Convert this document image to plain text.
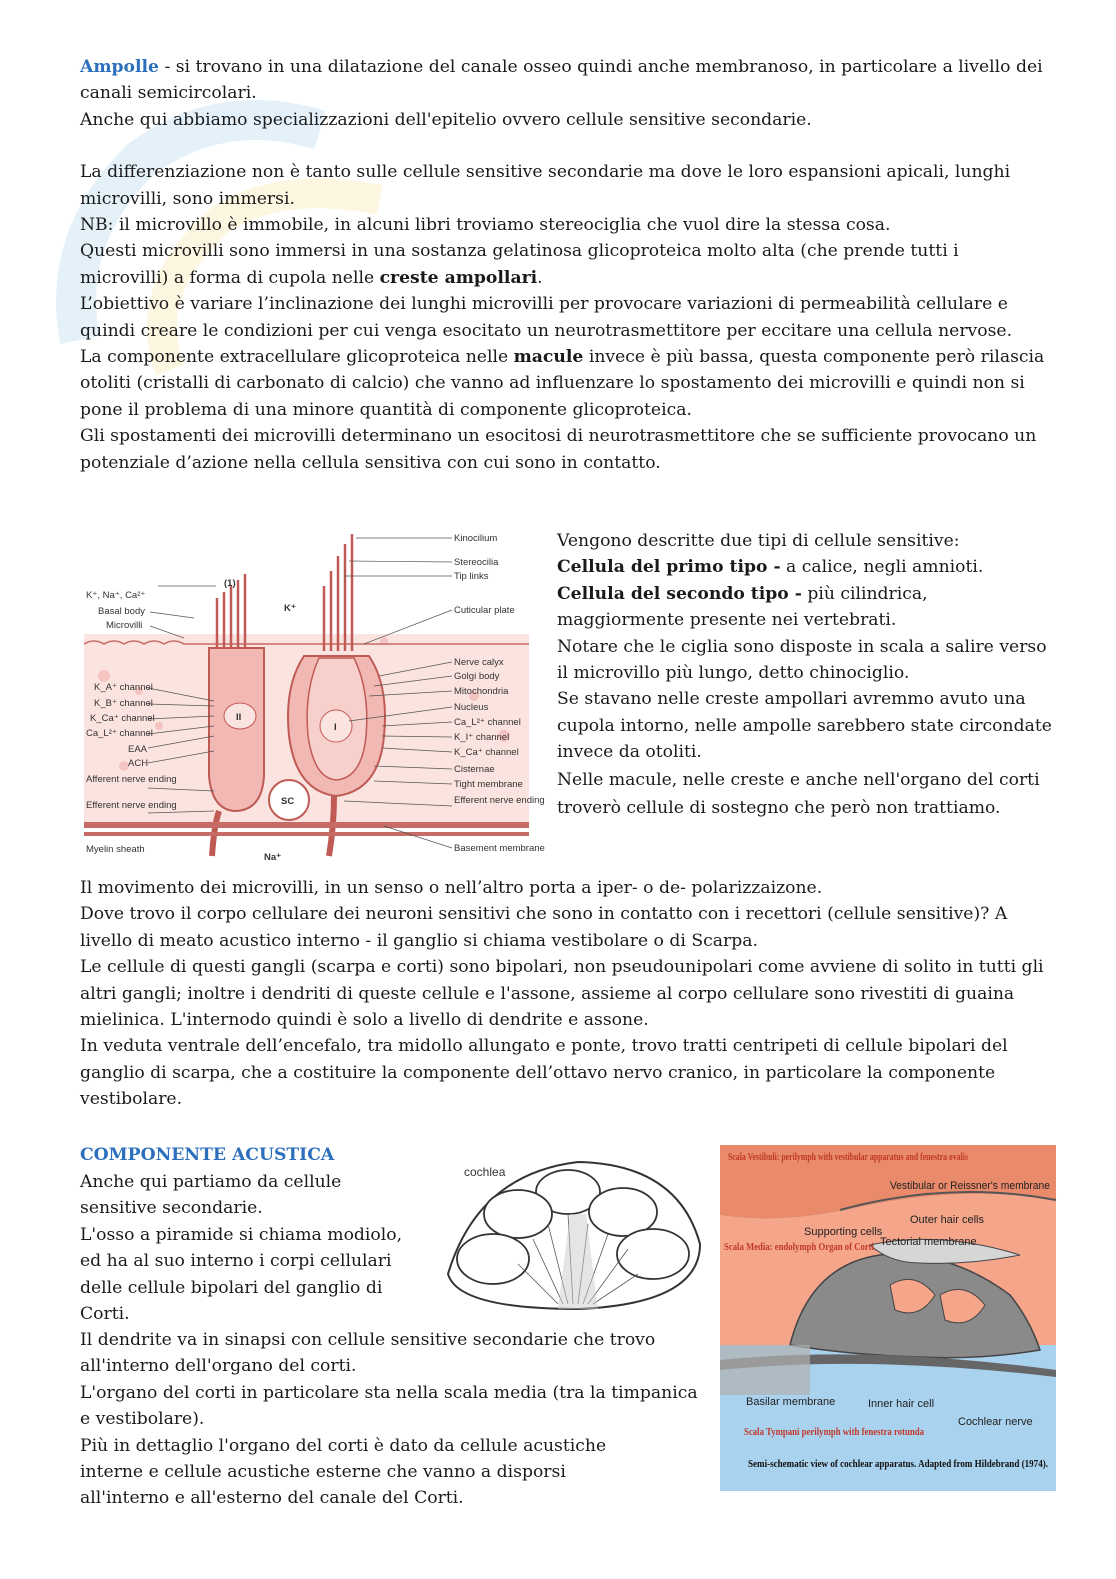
Ampolle - si trovano in una dilatazione del canale osseo quindi anche membranoso, in particolare a livello dei canali semicircolari.

Anche qui abbiamo specializzazioni dell'epitelio ovvero cellule sensitive secondarie.

La differenziazione non è tanto sulle cellule sensitive secondarie ma dove le loro espansioni apicali, lunghi microvilli, sono immersi.

NB: il microvillo è immobile, in alcuni libri troviamo stereociglia che vuol dire la stessa cosa.

Questi microvilli sono immersi in una sostanza gelatinosa glicoproteica molto alta (che prende tutti i microvilli) a forma di cupola nelle creste ampollari.

L’obiettivo è variare l’inclinazione dei lunghi microvilli per provocare variazioni di permeabilità cellulare e quindi creare le condizioni per cui venga esocitato un neurotrasmettitore per eccitare una cellula nervose.

La componente extracellulare glicoproteica nelle macule invece è più bassa, questa componente però rilascia otoliti (cristalli di carbonato di calcio) che vanno ad influenzare lo spostamento dei microvilli e quindi non si pone il problema di una minore quantità di componente glicoproteica.

Gli spostamenti dei microvilli determinano un esocitosi di neurotrasmettitore che se sufficiente provocano un potenziale d’azione nella cellula sensitiva con cui sono in contatto.

K⁺, Na⁺, Ca²⁺
Basal body
Microvilli
K_A⁺ channel
K_B⁺ channel
K_Ca⁺ channel
Ca_L²⁺ channel
EAA
ACH
Afferent nerve ending
Efferent nerve ending
Myelin sheath
Kinocilium
Stereocilia
Tip links
Cuticular plate
Nerve calyx
Golgi body
Mitochondria
Nucleus
Ca_L²⁺ channel
K_I⁺ channel
K_Ca⁺ channel
Cisternae
Tight membrane
Efferent nerve ending
Basement membrane
(1)
K⁺
II
I
SC
Na⁺

Vengono descritte due tipi di cellule sensitive:

Cellula del primo tipo - a calice, negli amnioti.

Cellula del secondo tipo - più cilindrica, maggiormente presente nei vertebrati.

Notare che le ciglia sono disposte in scala a salire verso il microvillo più lungo, detto chinociglio.

Se stavano nelle creste ampollari avremmo avuto una cupola intorno, nelle ampolle sarebbero state circondate invece da otoliti.

Nelle macule, nelle creste e anche nell'organo del corti troverò cellule di sostegno che però non trattiamo.

Il movimento dei microvilli, in un senso o nell’altro porta a iper- o de- polarizzaizone.

Dove trovo il corpo cellulare dei neuroni sensitivi che sono in contatto con i recettori (cellule sensitive)? A livello di meato acustico interno - il ganglio si chiama vestibolare o di Scarpa.

Le cellule di questi gangli (scarpa e corti) sono bipolari, non pseudounipolari come avviene di solito in tutti gli altri gangli; inoltre i dendriti di queste cellule e l'assone, assieme al corpo cellulare sono rivestiti di guaina mielinica. L'internodo quindi è solo a livello di dendrite e assone.

In veduta ventrale dell’encefalo, tra midollo allungato e ponte, trovo tratti centripeti di cellule bipolari del ganglio di scarpa, che a costituire la componente dell’ottavo nervo cranico, in particolare la componente vestibolare.

COMPONENTE ACUSTICA

Anche qui partiamo da cellule sensitive secondarie.

L'osso a piramide si chiama modiolo, ed ha al suo interno i corpi cellulari delle cellule bipolari del ganglio di Corti.

Il dendrite va in sinapsi con cellule sensitive secondarie che trovo all'interno dell'organo del corti.

L'organo del corti in particolare sta nella scala media (tra la timpanica e vestibolare).

Più in dettaglio l'organo del corti è dato da cellule acustiche interne e cellule acustiche esterne che vanno a disporsi all'interno e all'esterno del canale del Corti.

cochlea
Scala Vestibuli: perilymph with vestibular apparatus and fenestra ovalis
Scala Media: endolymph Organ of Corti
Scala Tympani perilymph with fenestra rotunda
Vestibular or Reissner's membrane
Supporting cells
Outer hair cells
Tectorial membrane
Basilar membrane	Inner hair cell
Cochlear nerve
Semi-schematic view of cochlear apparatus. Adapted from Hildebrand (1974).
